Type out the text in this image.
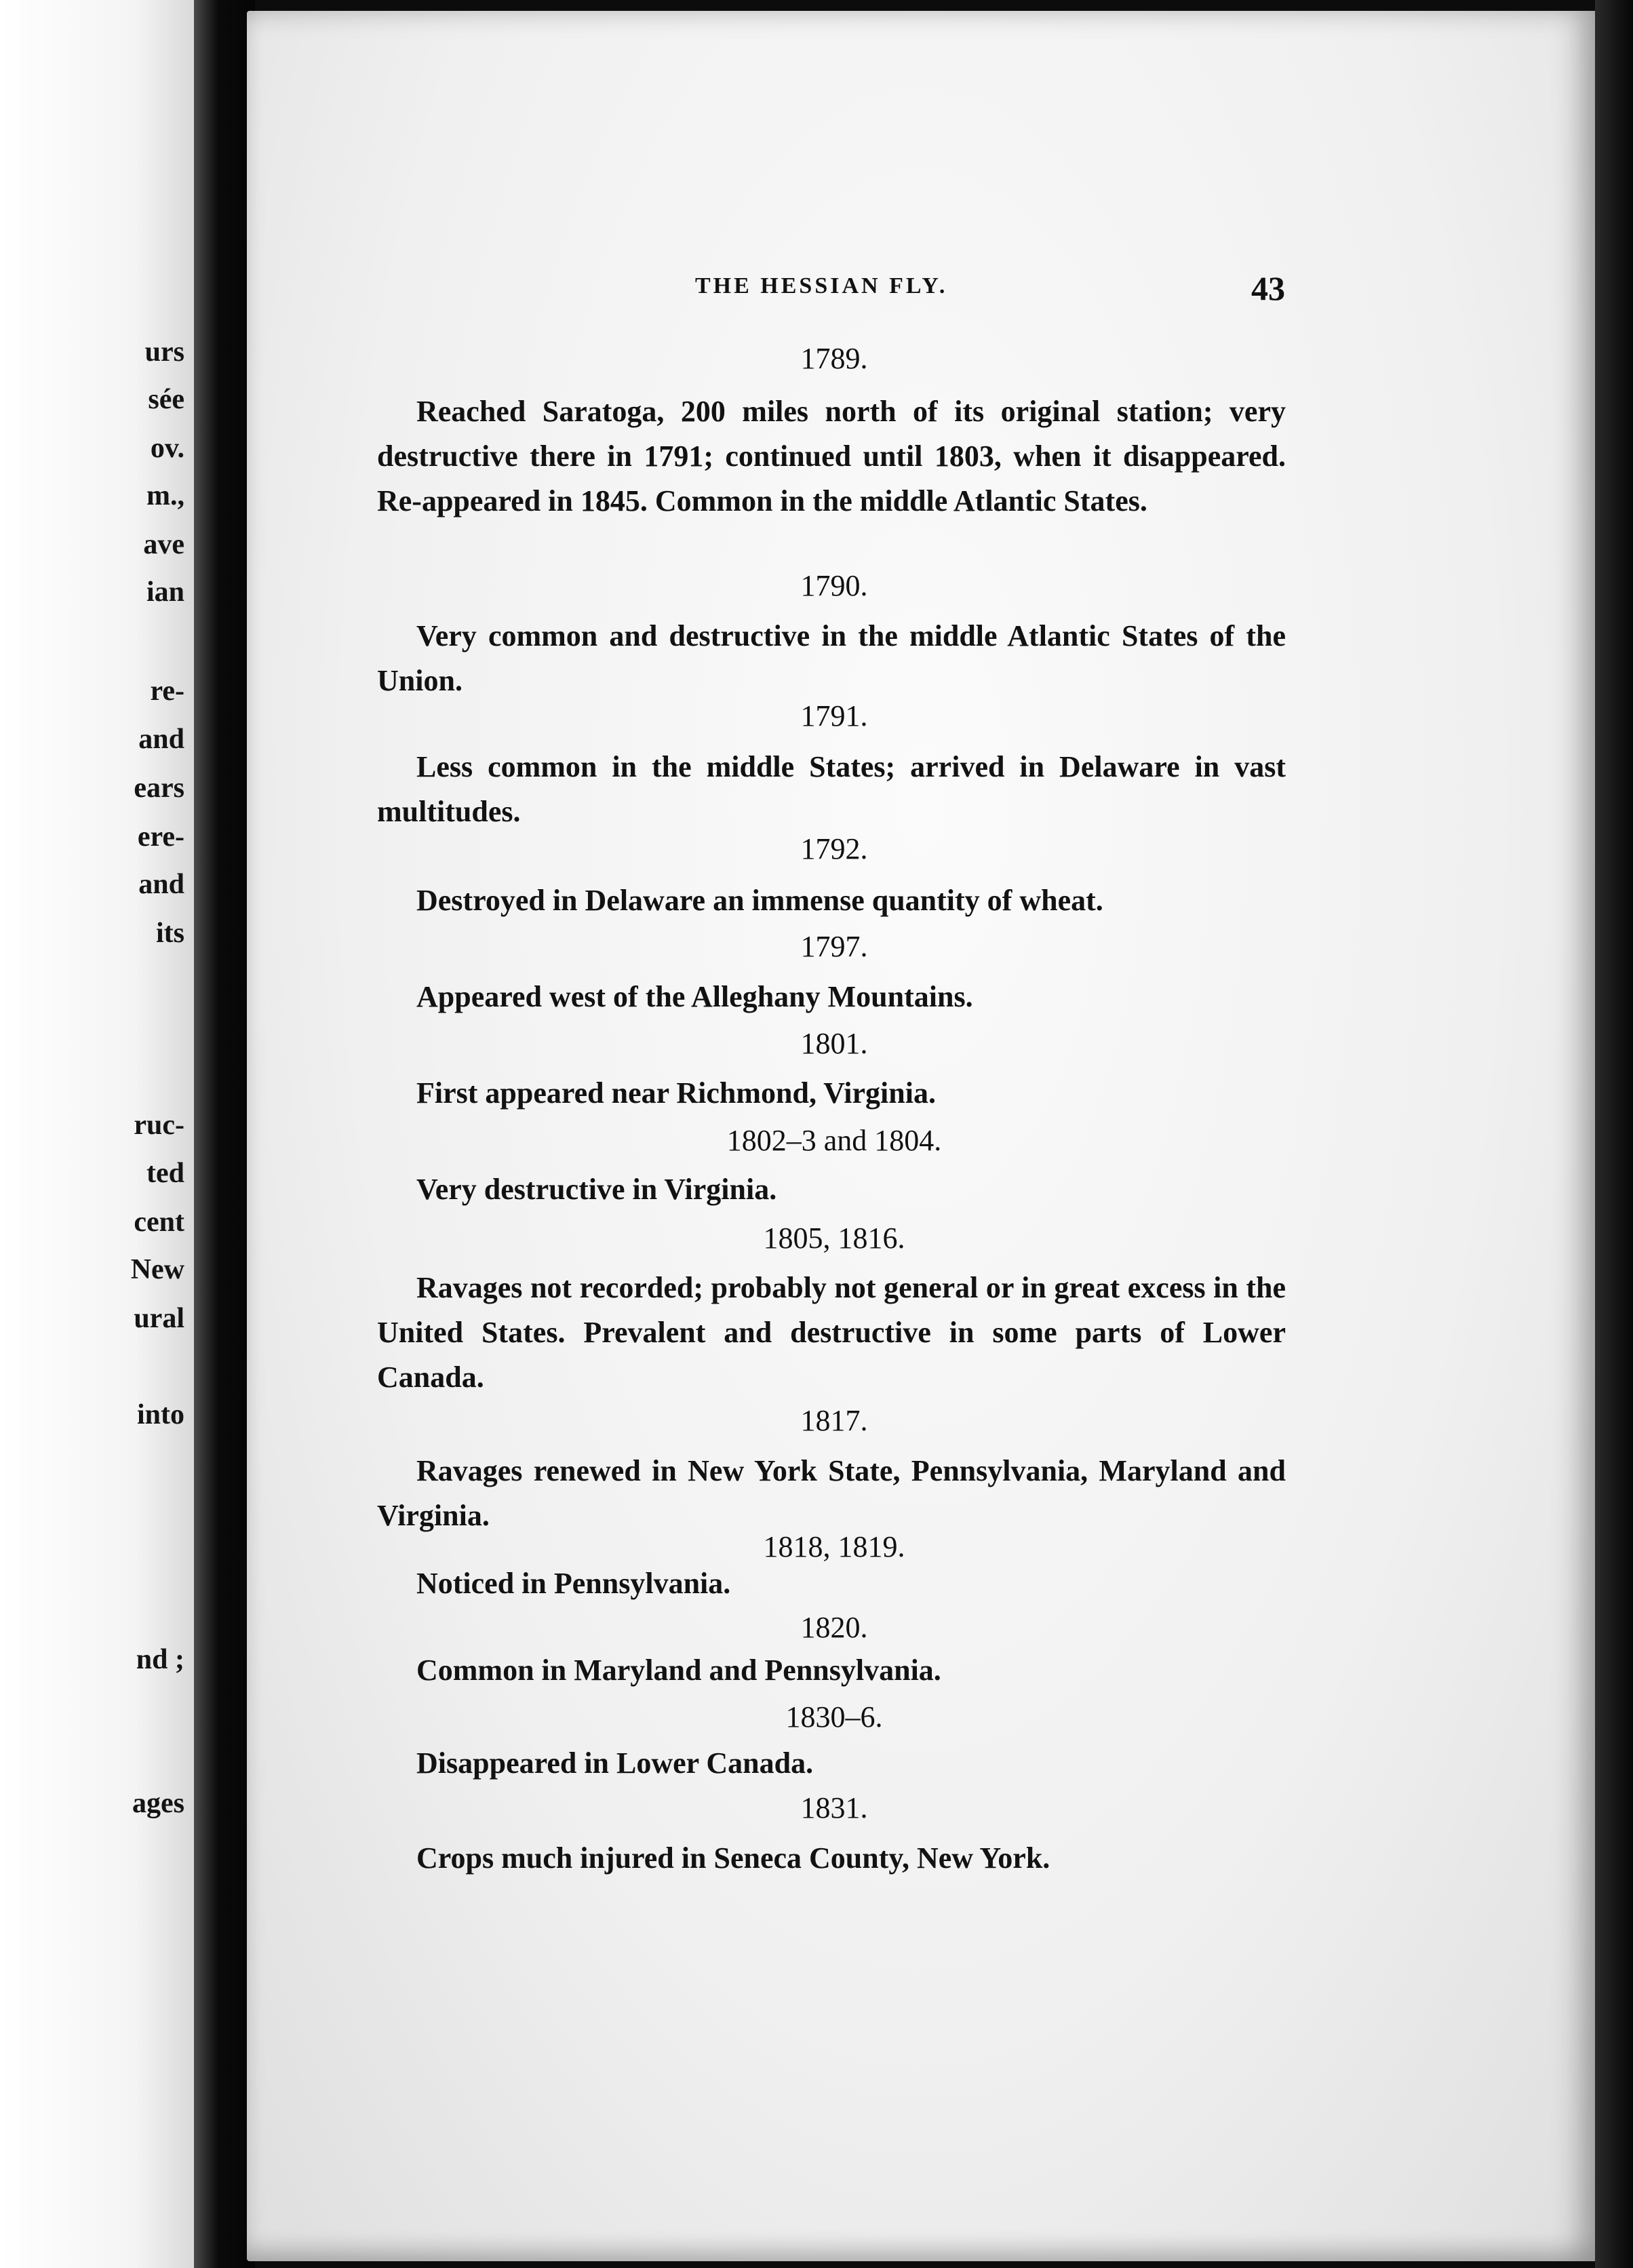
urs

sée

ov.

m.,

ave

ian

re-

and

ears

ere-

and

its

ruc-

ted

cent

New

ural

into

nd ;

ages

THE HESSIAN FLY.	43

1789.

Reached Saratoga, 200 miles north of its original station; very destructive there in 1791; continued until 1803, when it disappeared. Re-appeared in 1845. Common in the middle Atlantic States.

1790.

Very common and destructive in the middle Atlantic States of the Union.

1791.

Less common in the middle States; arrived in Delaware in vast multitudes.

1792.

Destroyed in Delaware an immense quantity of wheat.

1797.

Appeared west of the Alleghany Mountains.

1801.

First appeared near Richmond, Virginia.

1802–3 and 1804.

Very destructive in Virginia.

1805, 1816.

Ravages not recorded; probably not general or in great excess in the United States. Prevalent and destructive in some parts of Lower Canada.

1817.

Ravages renewed in New York State, Pennsylvania, Maryland and Virginia.

1818, 1819.

Noticed in Pennsylvania.

1820.

Common in Maryland and Pennsylvania.

1830–6.

Disappeared in Lower Canada.

1831.

Crops much injured in Seneca County, New York.
